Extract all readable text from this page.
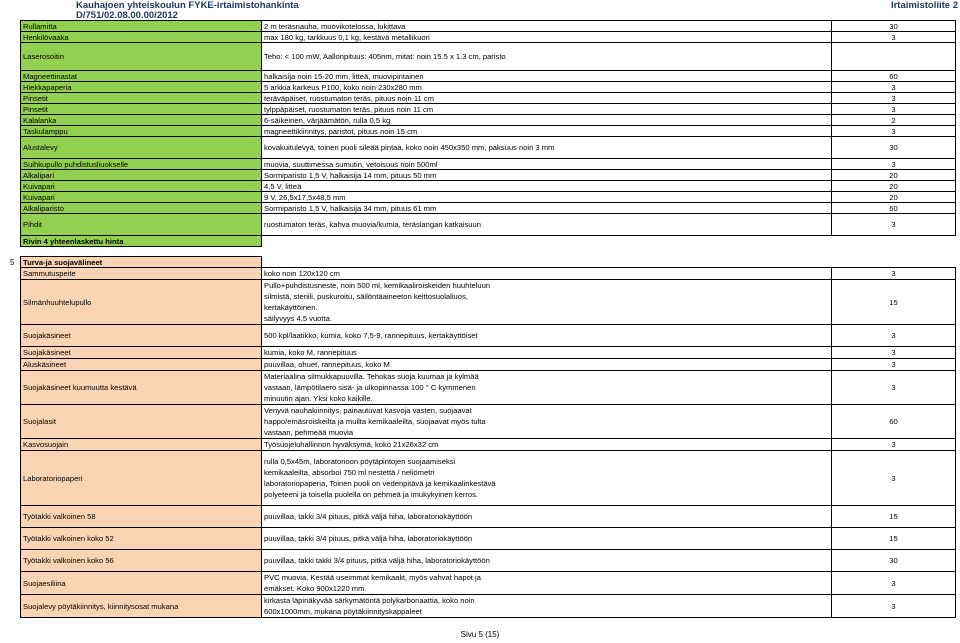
Kauhajoen yhteiskoulun FYKE-irtaimistohankinta
D/751/02.08.00.00/2012
Irtaimistoliite 2
Rullamitta	2 m teräsnauha, muovikotelossa, lukittava	30
Henkilövaaka	max 180 kg, tarkkuus 0,1 kg, kestävä metallikuori	3
Laserosoitin	Teho: < 100 mW, Aallonpituus: 405nm, mitat: noin 15.5 x 1.3 cm, paristo	
Magneettinastat	halkaisija noin 15-20 mm, litteä, muovipintainen	60
Hiekkapaperia	5 arkkia karkeus P100, koko noin 230x280 mm	3
Pinsetit	teräväpäiset, ruostumaton teräs, pituus noin 11 cm	3
Pinsetit	tylppäpäiset, ruostumaton teräs, pituus noin 11 cm	3
Kalalanka	6-säikeinen, värjäämätön, rulla 0,5 kg	2
Taskulamppu	magneettikiinnitys, paristot, pituus noin 15 cm	3
Alustalevy	kovakuitulevyä, toinen puoli sileää pintaa, koko noin 450x350 mm, paksuus noin 3 mm	30
Suihkupullo puhdistusliuokselle	muovia, suuttimessa sumutin, vetoisuus noin 500ml	3
Alkaliparí	Sormiparisto 1,5 V, halkaisija 14 mm, pituus 50 mm	20
Kuivapari	4,5 V, litteä	20
Kuivapari	9 V, 26,5x17,5x48,5 mm	20
Alkaliparisto	Sormiparisto 1,5 V, halkaisija 34 mm, pituus 61 mm	60
Pihdit	ruostumaton teräs, kahva muovia/kumia, teräslangan katkaisuun	3
Rivin 4 yhteenlaskettu hinta		
5 Turva-ja suojavälineet		
Sammutuspeite	koko noin 120x120 cm	3
Silmänhuuhtelupullo	Pullo+puhdistusneste, noin 500 ml, kemikaaliroiskeiden huuhteluun
silmistä, steriili, puskuroitu, säilöntäaineeton keittosuolaliuos,
kertakäyttöinen.
säilyvyys 4,5 vuotta.	15
Suojakäsineet	500 kpl/laatikko, kumia, koko 7,5-9, rannepituus, kertakäyttöiset	3
Suojakäsineet	kumia, koko M, rannepituus	3
Aluskäsineet	puuvillaa, ohuet, rannepituus, koko M	3
Suojakäsineet kuumuutta kestävä	Materiaalina silmukkapuuvilla. Tehokas suoja kuumaa ja kylmää
vastaan, lämpötilaero sisä- ja ulkopinnassa 100 ° C kymmenen
minuutin ajan. Yksi koko kaikille.	3
Suojalasit	Venyvä nauhakiinnitys, painautuvat kasvoja vasten, suojaavat
happo/emäsroiskeilta ja muilta kemikaaleilta, suojaavat myös tulta
vastaan, pehmeää muovia	60
Kasvosuojain	Työsuojeluhallinnon hyväksymä, koko 21x26x32 cm	3
Laboratoriopaperi	rulla 0,5x45m, laboratorioon pöytäpintojen suojaamiseksi
kemikaaleilta, absorboi 750 ml nestettä / neliömetri
laboratoriopaperia, Toinen puoli on vedenpitävä ja kemikaalinkestävä
polyeteeni ja toisella puolella on pehmeä ja imukykyinen kerros.	3
Työtakki valkoinen 58	puuvillaa, takki 3/4 pituus, pitkä väljä hiha, laboratoriokäyttöön	15
Työtakki valkoinen koko 52	puuvillaa, takki 3/4 pituus, pitkä väljä hiha, laboratoriokäyttöön	15
Työtakki valkoinen koko 56	puuvillaa, takki takki 3/4 pituus, pitkä väljä hiha, laboratoriokäyttöön	30
Suojaesiliina	PVC muovia. Kestää useimmat kemikaalit, myös vahvat hapot ja
emäkset. Koko 900x1220 mm.	3
Suojalevy pöytäkiinnitys, kiinnitysosat mukana	kirkasta läpinäkyvää särkymätöntä polykarbonaattia, koko noin
600x1000mm, mukana pöytäkiinnityskappaleet	3
Sivu 5 (15)
